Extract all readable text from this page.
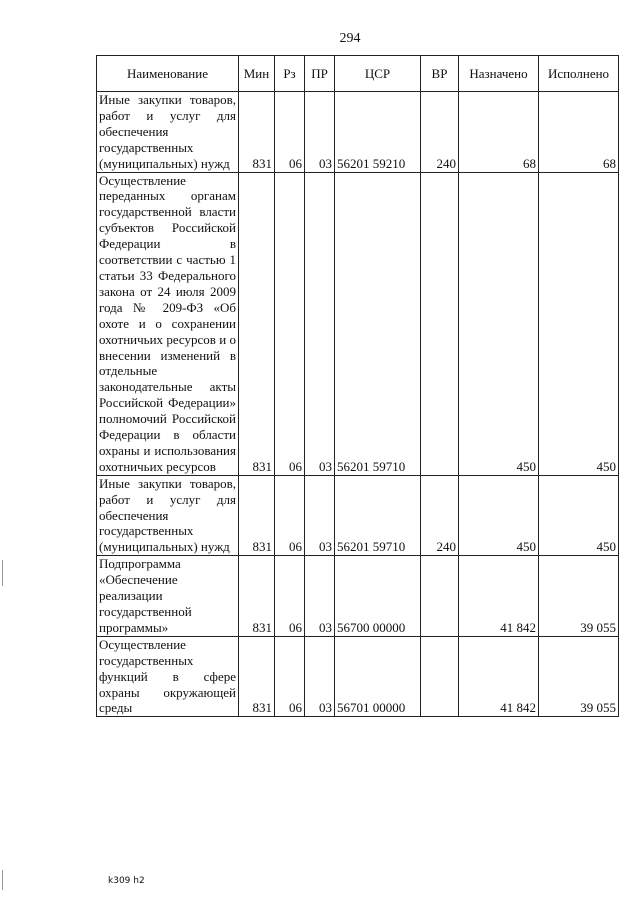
294
Наименование	Мин	Рз	ПР	ЦСР	ВР	Назначено	Исполнено
Иные закупки товаров, работ и услуг для обеспечения государственных (муниципальных) нужд	831	06	03	56201 59210	240	68	68
Осуществление переданных органам государственной власти субъектов Российской Федерации в соответствии с частью 1 статьи 33 Федерального закона от 24 июля 2009 года № 209-ФЗ «Об охоте и о сохранении охотничьих ресурсов и о внесении изменений в отдельные законодательные акты Российской Федерации» полномочий Российской Федерации в области охраны и использования охотничьих ресурсов	831	06	03	56201 59710		450	450
Иные закупки товаров, работ и услуг для обеспечения государственных (муниципальных) нужд	831	06	03	56201 59710	240	450	450
Подпрограмма «Обеспечение реализации государственной программы»	831	06	03	56700 00000		41 842	39 055
Осуществление государственных функций в сфере охраны окружающей среды	831	06	03	56701 00000		41 842	39 055
k309 h2
